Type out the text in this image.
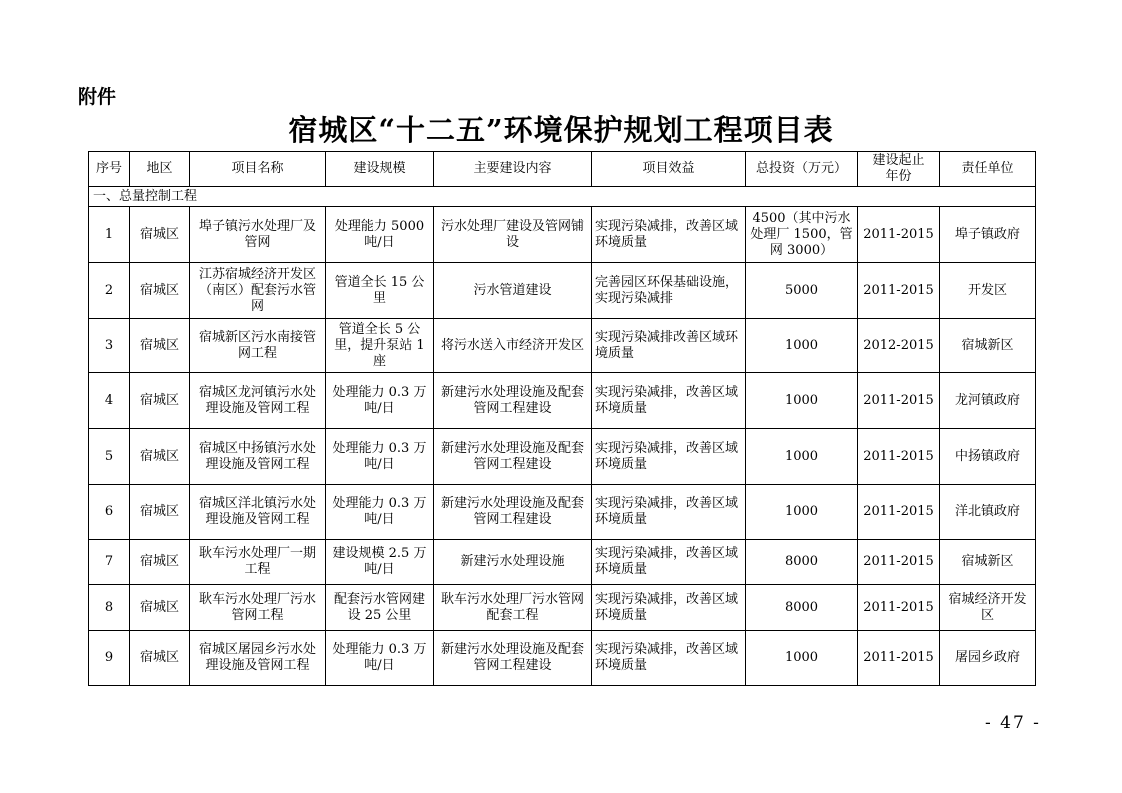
附件
宿城区“十二五”环境保护规划工程项目表
序号	地区	项目名称	建设规模	主要建设内容	项目效益	总投资（万元）	建设起止年份	责任单位
一、总量控制工程								
1	宿城区	埠子镇污水处理厂及管网	处理能力 5000 吨/日	污水处理厂建设及管网铺设	实现污染减排，改善区域环境质量	4500（其中污水处理厂 1500，管网 3000）	2011-2015	埠子镇政府
2	宿城区	江苏宿城经济开发区（南区）配套污水管网	管道全长 15 公里	污水管道建设	完善园区环保基础设施，实现污染减排	5000	2011-2015	开发区
3	宿城区	宿城新区污水南接管网工程	管道全长 5 公里，提升泵站 1 座	将污水送入市经济开发区	实现污染减排改善区域环境质量	1000	2012-2015	宿城新区
4	宿城区	宿城区龙河镇污水处理设施及管网工程	处理能力 0.3 万吨/日	新建污水处理设施及配套管网工程建设	实现污染减排，改善区域环境质量	1000	2011-2015	龙河镇政府
5	宿城区	宿城区中扬镇污水处理设施及管网工程	处理能力 0.3 万吨/日	新建污水处理设施及配套管网工程建设	实现污染减排，改善区域环境质量	1000	2011-2015	中扬镇政府
6	宿城区	宿城区洋北镇污水处理设施及管网工程	处理能力 0.3 万吨/日	新建污水处理设施及配套管网工程建设	实现污染减排，改善区域环境质量	1000	2011-2015	洋北镇政府
7	宿城区	耿车污水处理厂一期工程	建设规模 2.5 万吨/日	新建污水处理设施	实现污染减排，改善区域环境质量	8000	2011-2015	宿城新区
8	宿城区	耿车污水处理厂污水管网工程	配套污水管网建设 25 公里	耿车污水处理厂污水管网配套工程	实现污染减排，改善区域环境质量	8000	2011-2015	宿城经济开发区
9	宿城区	宿城区屠园乡污水处理设施及管网工程	处理能力 0.3 万吨/日	新建污水处理设施及配套管网工程建设	实现污染减排，改善区域环境质量	1000	2011-2015	屠园乡政府
- 47 -
